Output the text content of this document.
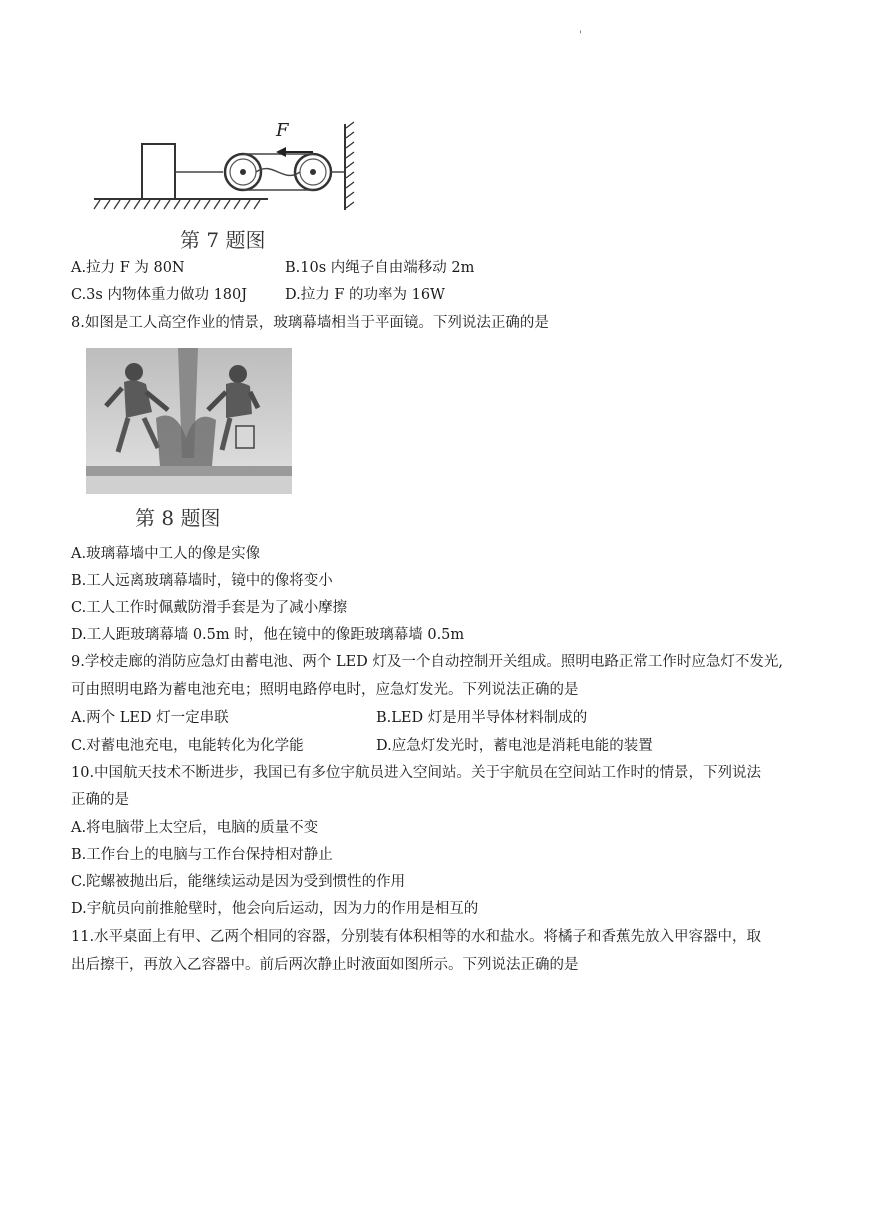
'
F
第 7 题图
A.拉力 F 为 80N	B.10s 内绳子自由端移动 2m
C.3s 内物体重力做功 180J	D.拉力 F 的功率为 16W
8.如图是工人高空作业的情景，玻璃幕墙相当于平面镜。下列说法正确的是
第 8 题图
A.玻璃幕墙中工人的像是实像
B.工人远离玻璃幕墙时，镜中的像将变小
C.工人工作时佩戴防滑手套是为了减小摩擦
D.工人距玻璃幕墙 0.5m 时，他在镜中的像距玻璃幕墙 0.5m
9.学校走廊的消防应急灯由蓄电池、两个 LED 灯及一个自动控制开关组成。照明电路正常工作时应急灯不发光,
可由照明电路为蓄电池充电；照明电路停电时，应急灯发光。下列说法正确的是
A.两个 LED 灯一定串联	B.LED 灯是用半导体材料制成的
C.对蓄电池充电，电能转化为化学能	D.应急灯发光时，蓄电池是消耗电能的装置
10.中国航天技术不断进步，我国已有多位宇航员进入空间站。关于宇航员在空间站工作时的情景，下列说法
正确的是
A.将电脑带上太空后，电脑的质量不变
B.工作台上的电脑与工作台保持相对静止
C.陀螺被抛出后，能继续运动是因为受到惯性的作用
D.宇航员向前推舱壁时，他会向后运动，因为力的作用是相互的
11.水平桌面上有甲、乙两个相同的容器，分别装有体积相等的水和盐水。将橘子和香蕉先放入甲容器中，取
出后擦干，再放入乙容器中。前后两次静止时液面如图所示。下列说法正确的是
